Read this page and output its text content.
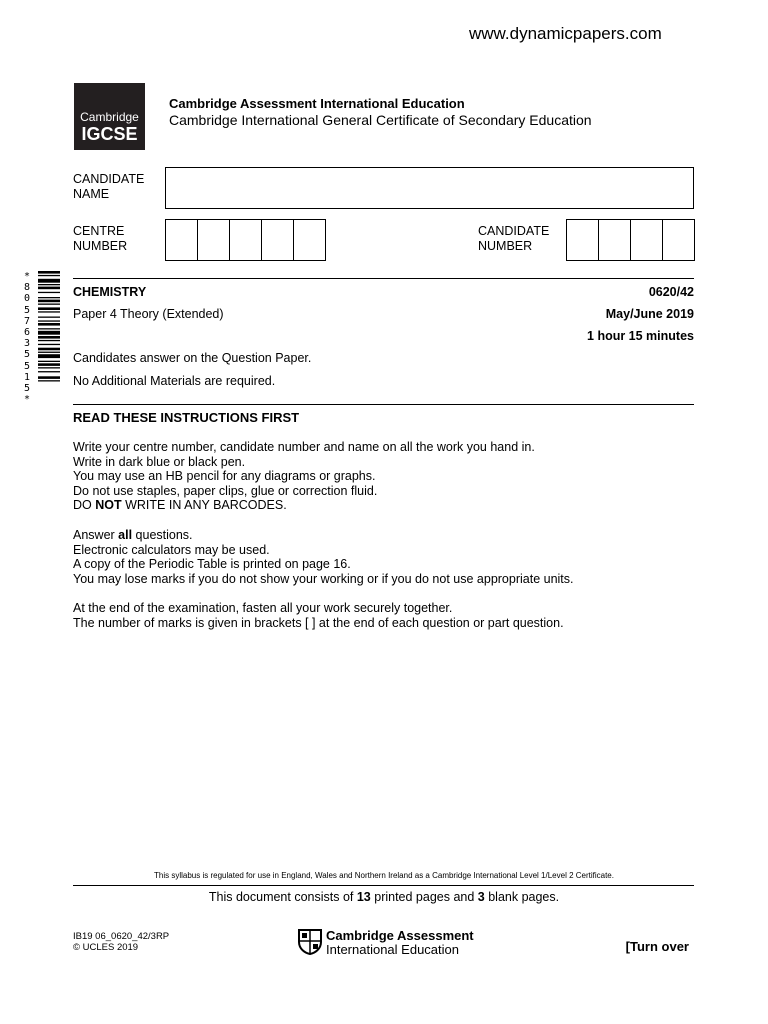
www.dynamicpapers.com
Cambridge
IGCSE
Cambridge Assessment International Education
Cambridge International General Certificate of Secondary Education
CANDIDATE
NAME
CENTRE
NUMBER
CANDIDATE
NUMBER
*
8
0
5
7
6
3
5
5
1
5
*
CHEMISTRY	0620/42
Paper 4 Theory (Extended)	May/June 2019
1 hour 15 minutes
Candidates answer on the Question Paper.
No Additional Materials are required.
READ THESE INSTRUCTIONS FIRST
Write your centre number, candidate number and name on all the work you hand in.
Write in dark blue or black pen.
You may use an HB pencil for any diagrams or graphs.
Do not use staples, paper clips, glue or correction fluid.
DO NOT WRITE IN ANY BARCODES.
Answer all questions.
Electronic calculators may be used.
A copy of the Periodic Table is printed on page 16.
You may lose marks if you do not show your working or if you do not use appropriate units.
At the end of the examination, fasten all your work securely together.
The number of marks is given in brackets [ ] at the end of each question or part question.
This syllabus is regulated for use in England, Wales and Northern Ireland as a Cambridge International Level 1/Level 2 Certificate.
This document consists of 13 printed pages and 3 blank pages.
IB19 06_0620_42/3RP
© UCLES 2019
Cambridge Assessment
International Education	[Turn over
